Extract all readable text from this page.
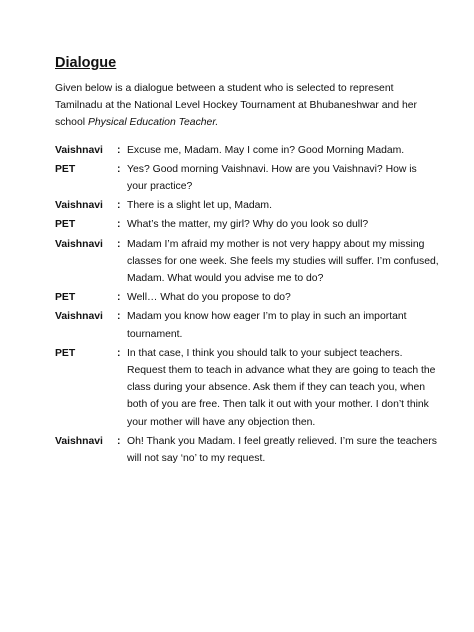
Dialogue
Given below is a dialogue between a student who is selected to represent Tamilnadu at the National Level Hockey Tournament at Bhubaneshwar and her school Physical Education Teacher.
Vaishnavi	: Excuse me, Madam. May I come in? Good Morning Madam.
PET	: Yes? Good morning Vaishnavi. How are you Vaishnavi? How is your practice?
Vaishnavi	: There is a slight let up, Madam.
PET	: What’s the matter, my girl? Why do you look so dull?
Vaishnavi	: Madam I’m afraid my mother is not very happy about my missing classes for one week. She feels my studies will suffer. I’m confused, Madam. What would you advise me to do?
PET	: Well… What do you propose to do?
Vaishnavi	: Madam you know how eager I’m to play in such an important tournament.
PET	: In that case, I think you should talk to your subject teachers. Request them to teach in advance what they are going to teach the class during your absence. Ask them if they can teach you, when both of you are free. Then talk it out with your mother. I don’t think your mother will have any objection then.
Vaishnavi	: Oh! Thank you Madam. I feel greatly relieved. I’m sure the teachers will not say ‘no’ to my request.
